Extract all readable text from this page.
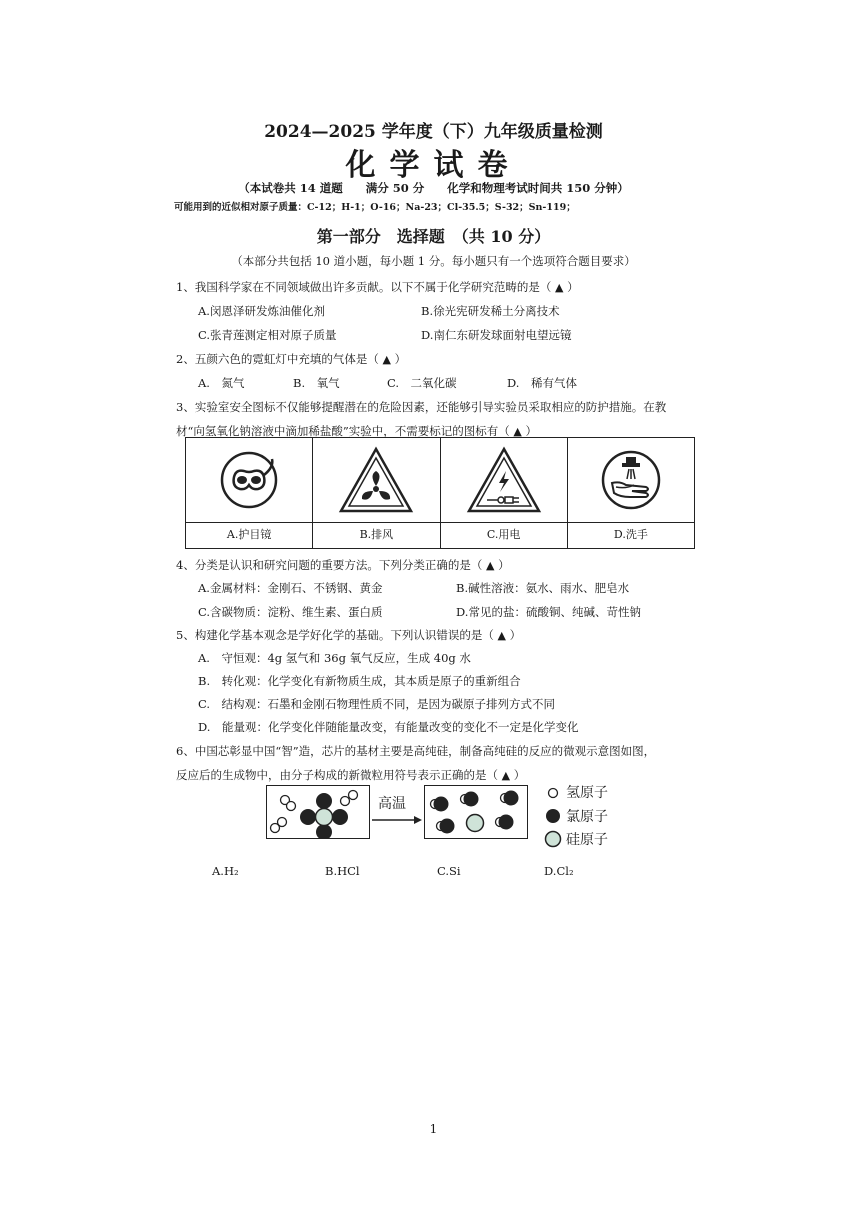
2024—2025 学年度（下）九年级质量检测
化学试卷
（本试卷共 14 道题　　满分 50 分　　化学和物理考试时间共 150 分钟）
可能用到的近似相对原子质量：C-12；H-1；O-16；Na-23；Cl-35.5；S-32；Sn-119；
第一部分　选择题　（共 10 分）
（本部分共包括 10 道小题，每小题 1 分。每小题只有一个选项符合题目要求）
1、我国科学家在不同领域做出许多贡献。以下不属于化学研究范畴的是（ ▲ ）
A.闵恩泽研发炼油催化剂	B.徐光宪研发稀土分离技术
C.张青莲测定相对原子质量	D.南仁东研发球面射电望远镜
2、五颜六色的霓虹灯中充填的气体是（ ▲ ）
A.　氮气	B.　氧气	C.　二氧化碳	D.　稀有气体
3、实验室安全图标不仅能够提醒潜在的危险因素，还能够引导实验员采取相应的防护措施。在教
材“向氢氧化钠溶液中滴加稀盐酸”实验中，不需要标记的图标有（ ▲ ）
A.护目镜	B.排风	C.用电	D.洗手
4、分类是认识和研究问题的重要方法。下列分类正确的是（ ▲ ）
A.金属材料：金刚石、不锈钢、黄金	B.碱性溶液：氨水、雨水、肥皂水
C.含碳物质：淀粉、维生素、蛋白质	D.常见的盐：硫酸铜、纯碱、苛性钠
5、构建化学基本观念是学好化学的基础。下列认识错误的是（ ▲ ）
A.　守恒观：4g 氢气和 36g 氧气反应，生成 40g 水
B.　转化观：化学变化有新物质生成，其本质是原子的重新组合
C.　结构观：石墨和金刚石物理性质不同，是因为碳原子排列方式不同
D.　能量观：化学变化伴随能量改变，有能量改变的变化不一定是化学变化
6、中国芯彰显中国“智”造，芯片的基材主要是高纯硅，制备高纯硅的反应的微观示意图如图，
反应后的生成物中，由分子构成的新微粒用符号表示正确的是（ ▲ ）
高温
氢原子
氯原子
硅原子
A.H₂	B.HCl	C.Si	D.Cl₂
1
